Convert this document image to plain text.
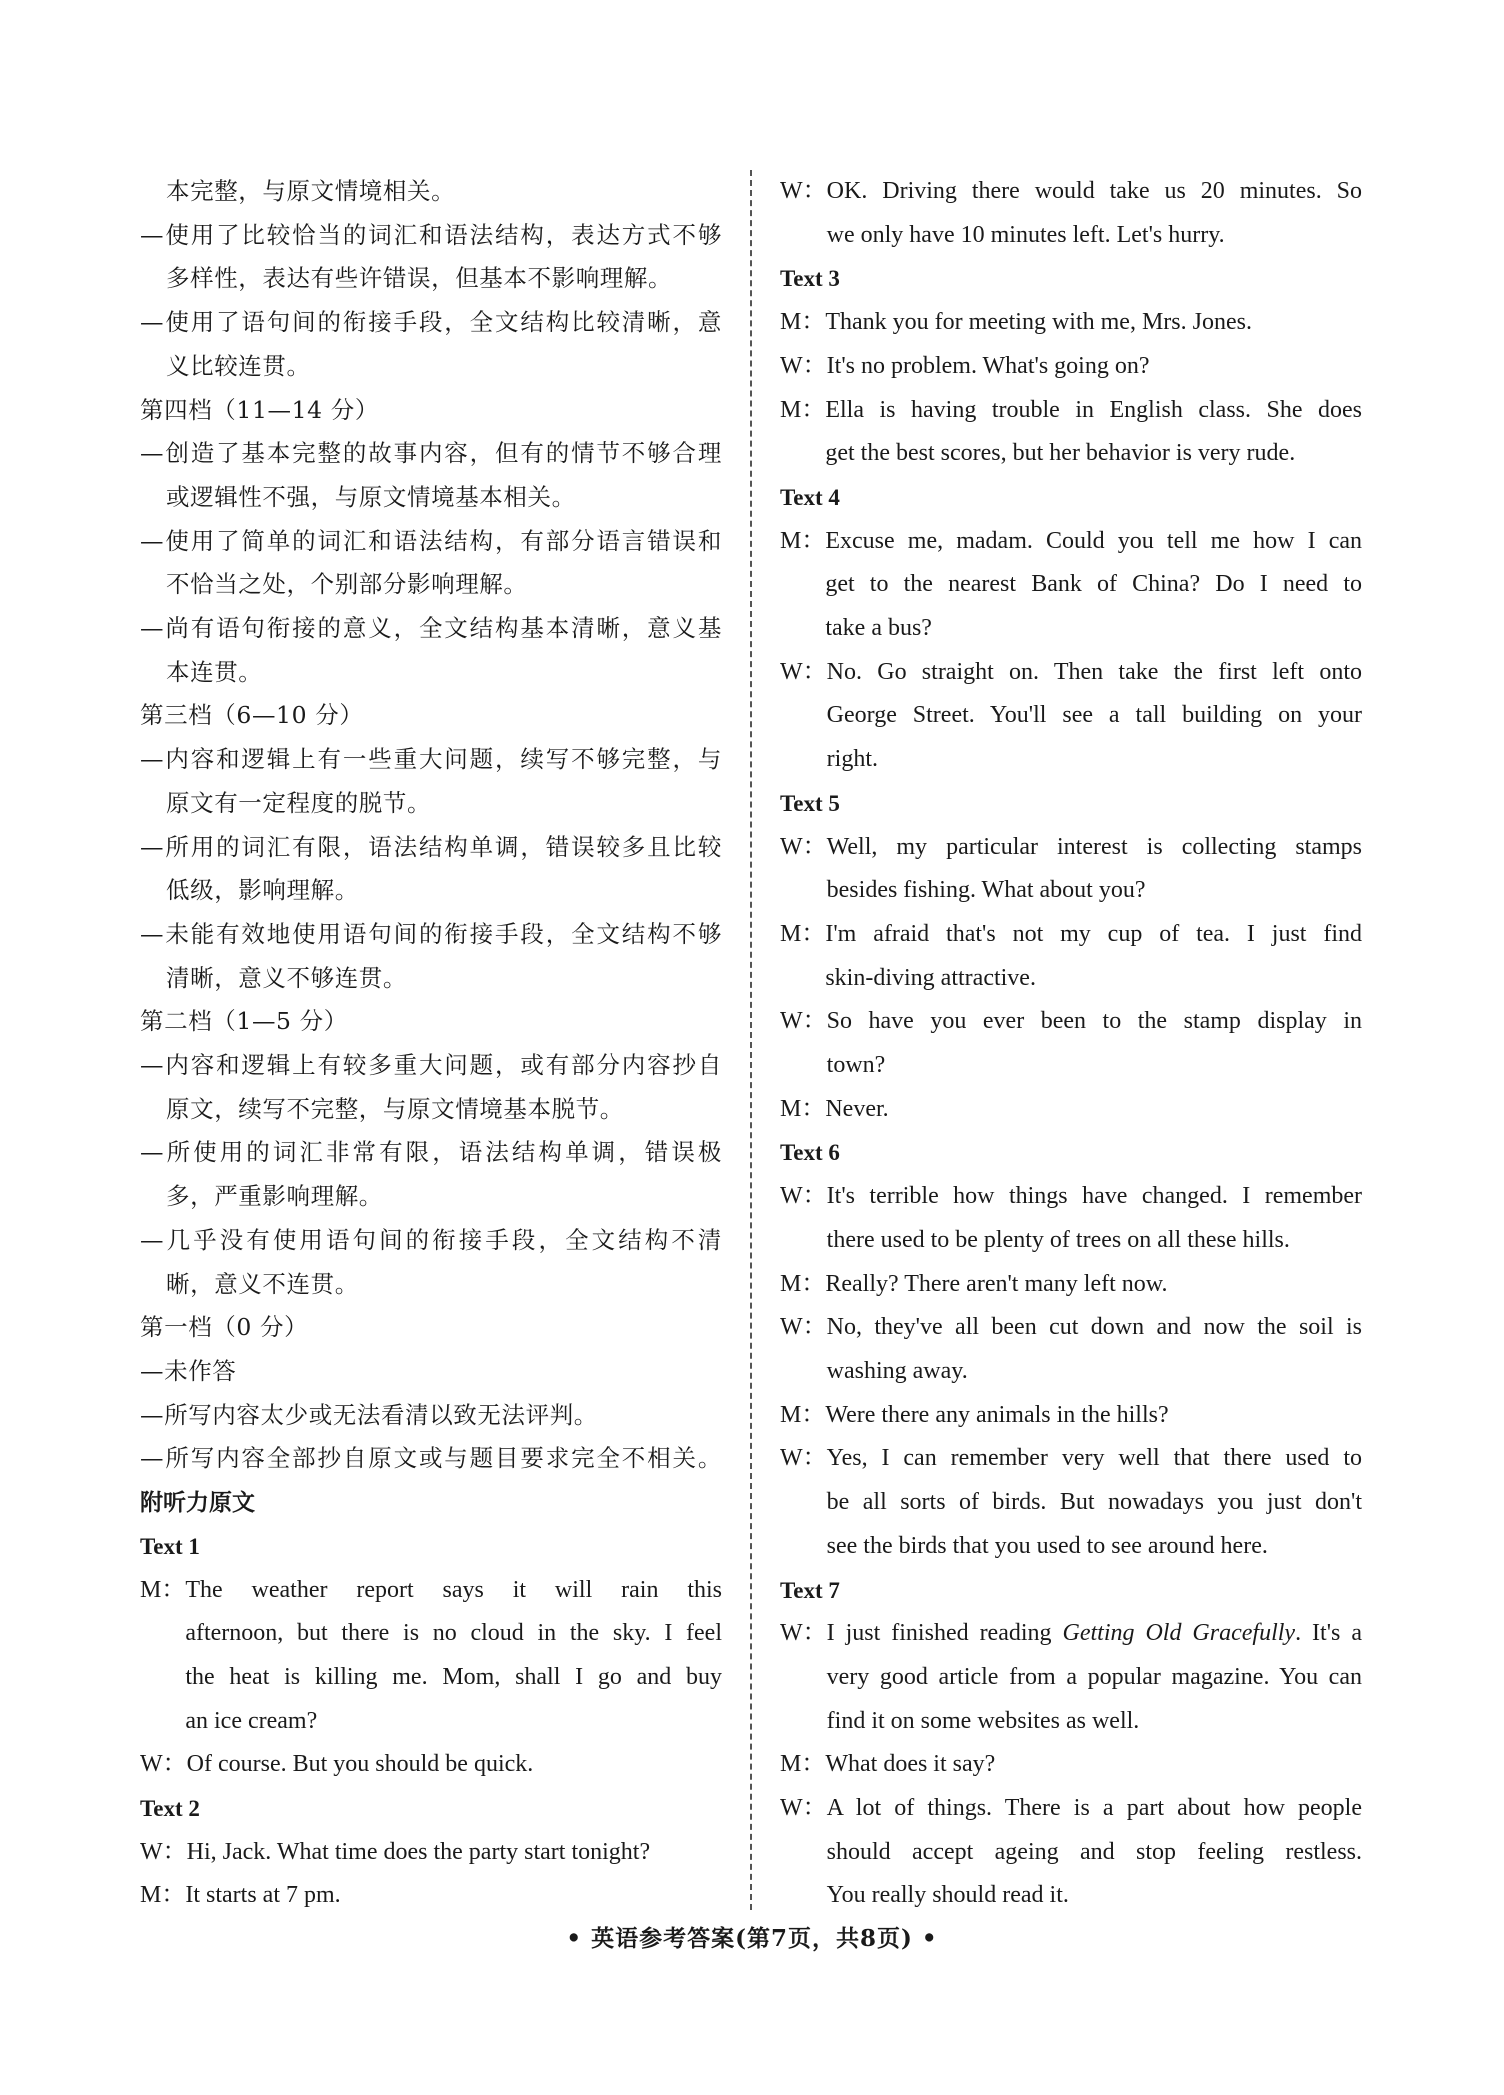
本完整，与原文情境相关。
—使用了比较恰当的词汇和语法结构，表达方式不够
多样性，表达有些许错误，但基本不影响理解。
—使用了语句间的衔接手段，全文结构比较清晰，意
义比较连贯。
第四档（11—14 分）
—创造了基本完整的故事内容，但有的情节不够合理
或逻辑性不强，与原文情境基本相关。
—使用了简单的词汇和语法结构，有部分语言错误和
不恰当之处，个别部分影响理解。
—尚有语句衔接的意义，全文结构基本清晰，意义基
本连贯。
第三档（6—10 分）
—内容和逻辑上有一些重大问题，续写不够完整，与
原文有一定程度的脱节。
—所用的词汇有限，语法结构单调，错误较多且比较
低级，影响理解。
—未能有效地使用语句间的衔接手段，全文结构不够
清晰，意义不够连贯。
第二档（1—5 分）
—内容和逻辑上有较多重大问题，或有部分内容抄自
原文，续写不完整，与原文情境基本脱节。
—所使用的词汇非常有限，语法结构单调，错误极
多，严重影响理解。
—几乎没有使用语句间的衔接手段，全文结构不清
晰，意义不连贯。
第一档（0 分）
—未作答
—所写内容太少或无法看清以致无法评判。
—所写内容全部抄自原文或与题目要求完全不相关。
附听力原文
Text 1
M： The weather report says it will rain this
afternoon, but there is no cloud in the sky. I feel
the heat is killing me. Mom, shall I go and buy
an ice cream?
W： Of course. But you should be quick.
Text 2
W： Hi, Jack. What time does the party start tonight?
M： It starts at 7 pm.
W： OK. Driving there would take us 20 minutes. So
we only have 10 minutes left. Let's hurry.
Text 3
M： Thank you for meeting with me, Mrs. Jones.
W： It's no problem. What's going on?
M： Ella is having trouble in English class. She does
get the best scores, but her behavior is very rude.
Text 4
M： Excuse me, madam. Could you tell me how I can
get to the nearest Bank of China? Do I need to
take a bus?
W： No. Go straight on. Then take the first left onto
George Street. You'll see a tall building on your
right.
Text 5
W： Well, my particular interest is collecting stamps
besides fishing. What about you?
M： I'm afraid that's not my cup of tea. I just find
skin-diving attractive.
W： So have you ever been to the stamp display in
town?
M： Never.
Text 6
W： It's terrible how things have changed. I remember
there used to be plenty of trees on all these hills.
M： Really? There aren't many left now.
W： No, they've all been cut down and now the soil is
washing away.
M： Were there any animals in the hills?
W： Yes, I can remember very well that there used to
be all sorts of birds. But nowadays you just don't
see the birds that you used to see around here.
Text 7
W： I just finished reading Getting Old Gracefully. It's a
very good article from a popular magazine. You can
find it on some websites as well.
M： What does it say?
W： A lot of things. There is a part about how people
should accept ageing and stop feeling restless.
You really should read it.
• 英语参考答案(第7页，共8页) •
